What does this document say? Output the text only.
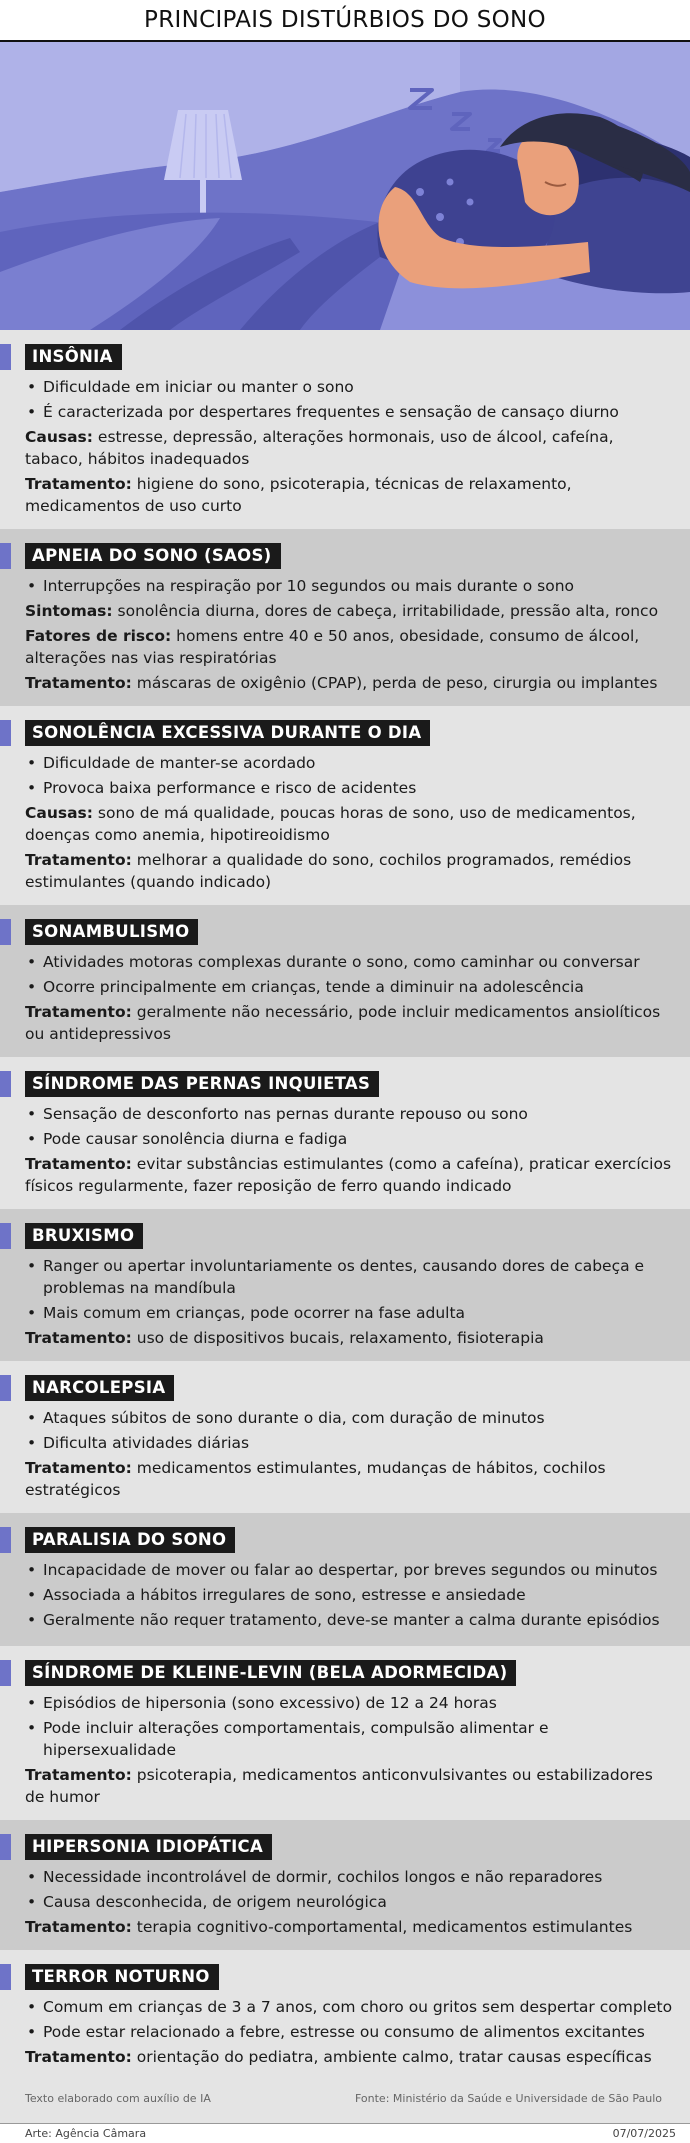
PRINCIPAIS DISTÚRBIOS DO SONO
INSÔNIA
• Dificuldade em iniciar ou manter o sono
• É caracterizada por despertares frequentes e sensação de cansaço diurno
Causas: estresse, depressão, alterações hormonais, uso de álcool, cafeína, tabaco, hábitos inadequados
Tratamento: higiene do sono, psicoterapia, técnicas de relaxamento, medicamentos de uso curto
APNEIA DO SONO (SAOS)
• Interrupções na respiração por 10 segundos ou mais durante o sono
Sintomas: sonolência diurna, dores de cabeça, irritabilidade, pressão alta, ronco
Fatores de risco: homens entre 40 e 50 anos, obesidade, consumo de álcool, alterações nas vias respiratórias
Tratamento: máscaras de oxigênio (CPAP), perda de peso, cirurgia ou implantes
SONOLÊNCIA EXCESSIVA DURANTE O DIA
• Dificuldade de manter-se acordado
• Provoca baixa performance e risco de acidentes
Causas: sono de má qualidade, poucas horas de sono, uso de medicamentos, doenças como anemia, hipotireoidismo
Tratamento: melhorar a qualidade do sono, cochilos programados, remédios estimulantes (quando indicado)
SONAMBULISMO
• Atividades motoras complexas durante o sono, como caminhar ou conversar
• Ocorre principalmente em crianças, tende a diminuir na adolescência
Tratamento: geralmente não necessário, pode incluir medicamentos ansiolíticos ou antidepressivos
SÍNDROME DAS PERNAS INQUIETAS
• Sensação de desconforto nas pernas durante repouso ou sono
• Pode causar sonolência diurna e fadiga
Tratamento: evitar substâncias estimulantes (como a cafeína), praticar exercícios físicos regularmente, fazer reposição de ferro quando indicado
BRUXISMO
• Ranger ou apertar involuntariamente os dentes, causando dores de cabeça e problemas na mandíbula
• Mais comum em crianças, pode ocorrer na fase adulta
Tratamento: uso de dispositivos bucais, relaxamento, fisioterapia
NARCOLEPSIA
• Ataques súbitos de sono durante o dia, com duração de minutos
• Dificulta atividades diárias
Tratamento: medicamentos estimulantes, mudanças de hábitos, cochilos estratégicos
PARALISIA DO SONO
• Incapacidade de mover ou falar ao despertar, por breves segundos ou minutos
• Associada a hábitos irregulares de sono, estresse e ansiedade
• Geralmente não requer tratamento, deve-se manter a calma durante episódios
SÍNDROME DE KLEINE-LEVIN (BELA ADORMECIDA)
• Episódios de hipersonia (sono excessivo) de 12 a 24 horas
• Pode incluir alterações comportamentais, compulsão alimentar e hipersexualidade
Tratamento: psicoterapia, medicamentos anticonvulsivantes ou estabilizadores de humor
HIPERSONIA IDIOPÁTICA
• Necessidade incontrolável de dormir, cochilos longos e não reparadores
• Causa desconhecida, de origem neurológica
Tratamento: terapia cognitivo-comportamental, medicamentos estimulantes
TERROR NOTURNO
• Comum em crianças de 3 a 7 anos, com choro ou gritos sem despertar completo
• Pode estar relacionado a febre, estresse ou consumo de alimentos excitantes
Tratamento: orientação do pediatra, ambiente calmo, tratar causas específicas
Texto elaborado com auxílio de IA	Fonte: Ministério da Saúde e Universidade de São Paulo
Arte: Agência Câmara	07/07/2025
